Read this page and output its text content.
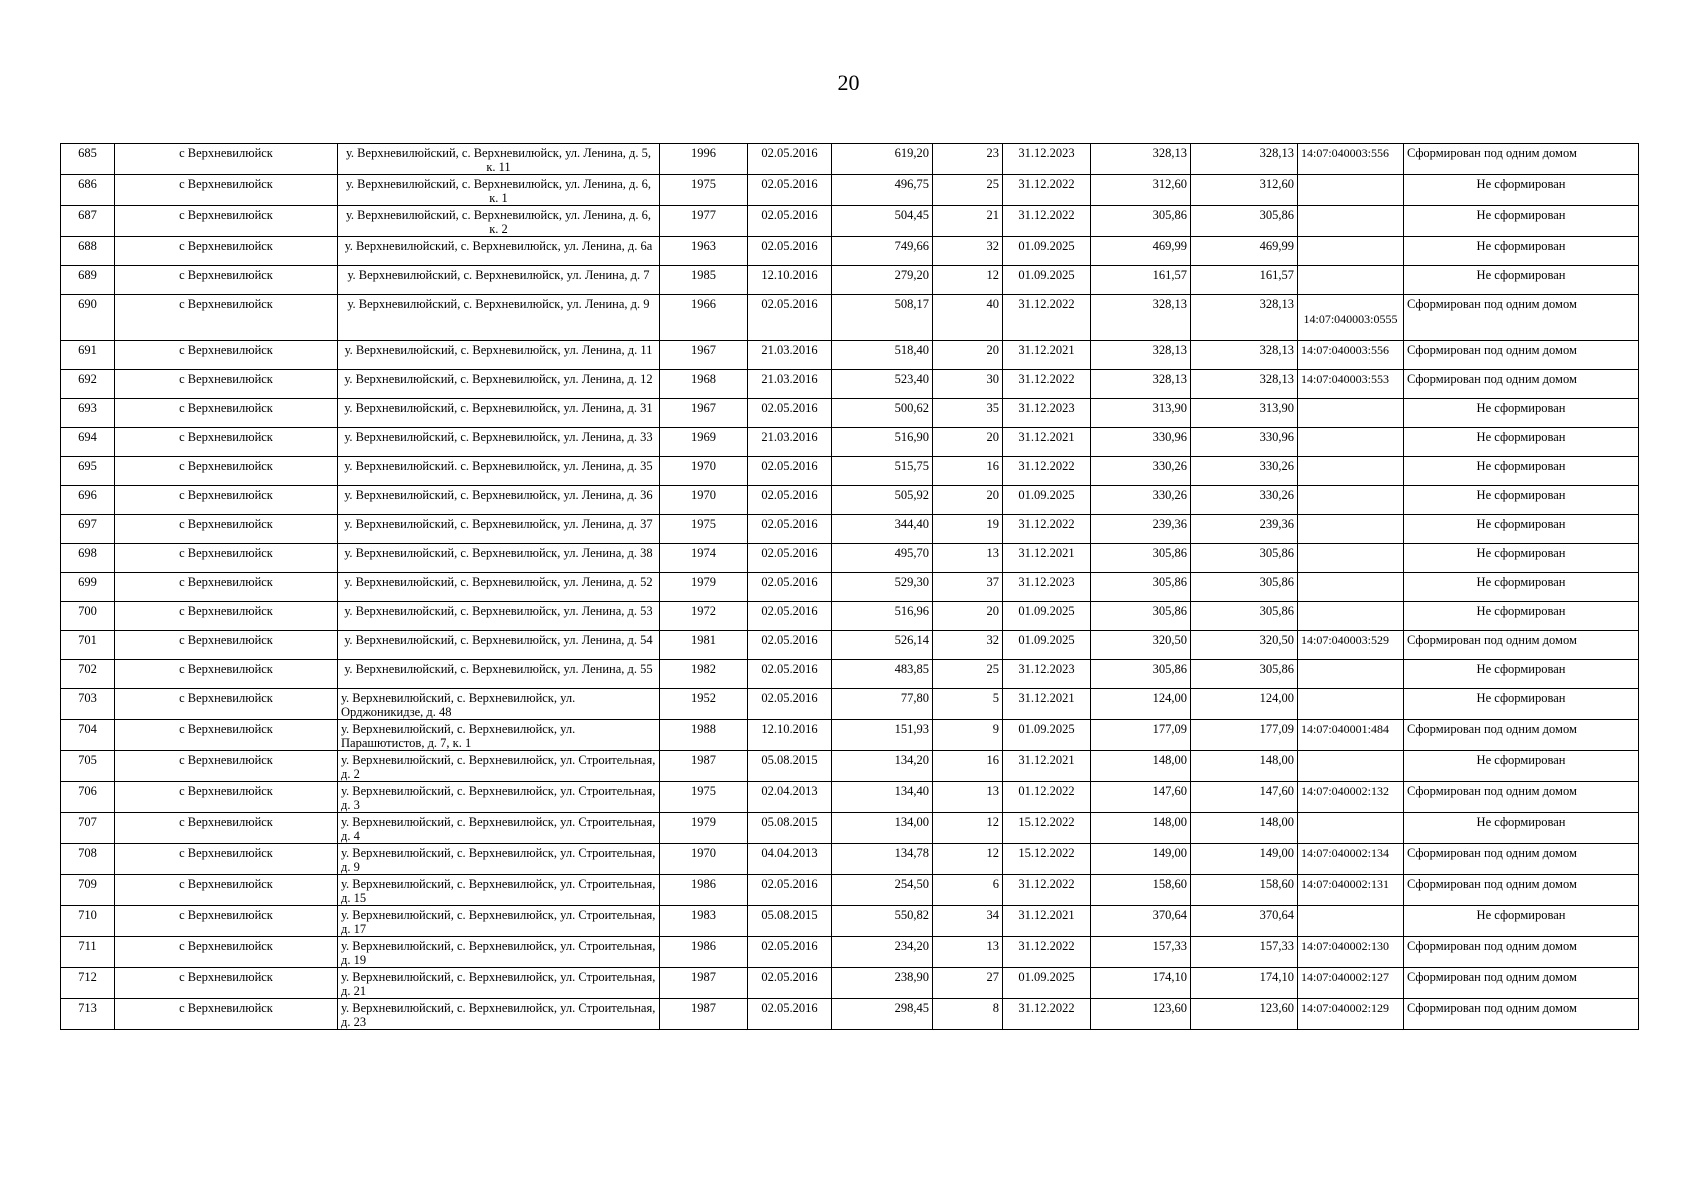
20
685	с Верхневилюйск	у. Верхневилюйский, с. Верхневилюйск, ул. Ленина, д. 5, к. 11	1996	02.05.2016	619,20	23	31.12.2023	328,13	328,13	14:07:040003:556	Сформирован под одним домом
686	с Верхневилюйск	у. Верхневилюйский, с. Верхневилюйск, ул. Ленина, д. 6, к. 1	1975	02.05.2016	496,75	25	31.12.2022	312,60	312,60		Не сформирован
687	с Верхневилюйск	у. Верхневилюйский, с. Верхневилюйск, ул. Ленина, д. 6, к. 2	1977	02.05.2016	504,45	21	31.12.2022	305,86	305,86		Не сформирован
688	с Верхневилюйск	у. Верхневилюйский, с. Верхневилюйск, ул. Ленина, д. 6а	1963	02.05.2016	749,66	32	01.09.2025	469,99	469,99		Не сформирован
689	с Верхневилюйск	у. Верхневилюйский, с. Верхневилюйск, ул. Ленина, д. 7	1985	12.10.2016	279,20	12	01.09.2025	161,57	161,57		Не сформирован
690	с Верхневилюйск	у. Верхневилюйский, с. Верхневилюйск, ул. Ленина, д. 9	1966	02.05.2016	508,17	40	31.12.2022	328,13	328,13	14:07:040003:0555	Сформирован под одним домом
691	с Верхневилюйск	у. Верхневилюйский, с. Верхневилюйск, ул. Ленина, д. 11	1967	21.03.2016	518,40	20	31.12.2021	328,13	328,13	14:07:040003:556	Сформирован под одним домом
692	с Верхневилюйск	у. Верхневилюйский, с. Верхневилюйск, ул. Ленина, д. 12	1968	21.03.2016	523,40	30	31.12.2022	328,13	328,13	14:07:040003:553	Сформирован под одним домом
693	с Верхневилюйск	у. Верхневилюйский, с. Верхневилюйск, ул. Ленина, д. 31	1967	02.05.2016	500,62	35	31.12.2023	313,90	313,90		Не сформирован
694	с Верхневилюйск	у. Верхневилюйский, с. Верхневилюйск, ул. Ленина, д. 33	1969	21.03.2016	516,90	20	31.12.2021	330,96	330,96		Не сформирован
695	с Верхневилюйск	у. Верхневилюйский. с. Верхневилюйск, ул. Ленина, д. 35	1970	02.05.2016	515,75	16	31.12.2022	330,26	330,26		Не сформирован
696	с Верхневилюйск	у. Верхневилюйский, с. Верхневилюйск, ул. Ленина, д. 36	1970	02.05.2016	505,92	20	01.09.2025	330,26	330,26		Не сформирован
697	с Верхневилюйск	у. Верхневилюйский, с. Верхневилюйск, ул. Ленина, д. 37	1975	02.05.2016	344,40	19	31.12.2022	239,36	239,36		Не сформирован
698	с Верхневилюйск	у. Верхневилюйский, с. Верхневилюйск, ул. Ленина, д. 38	1974	02.05.2016	495,70	13	31.12.2021	305,86	305,86		Не сформирован
699	с Верхневилюйск	у. Верхневилюйский, с. Верхневилюйск, ул. Ленина, д. 52	1979	02.05.2016	529,30	37	31.12.2023	305,86	305,86		Не сформирован
700	с Верхневилюйск	у. Верхневилюйский, с. Верхневилюйск, ул. Ленина, д. 53	1972	02.05.2016	516,96	20	01.09.2025	305,86	305,86		Не сформирован
701	с Верхневилюйск	у. Верхневилюйский, с. Верхневилюйск, ул. Ленина, д. 54	1981	02.05.2016	526,14	32	01.09.2025	320,50	320,50	14:07:040003:529	Сформирован под одним домом
702	с Верхневилюйск	у. Верхневилюйский, с. Верхневилюйск, ул. Ленина, д. 55	1982	02.05.2016	483,85	25	31.12.2023	305,86	305,86		Не сформирован
703	с Верхневилюйск	у. Верхневилюйский, с. Верхневилюйск, ул. Орджоникидзе, д. 48	1952	02.05.2016	77,80	5	31.12.2021	124,00	124,00		Не сформирован
704	с Верхневилюйск	у. Верхневилюйский, с. Верхневилюйск, ул. Парашютистов, д. 7, к. 1	1988	12.10.2016	151,93	9	01.09.2025	177,09	177,09	14:07:040001:484	Сформирован под одним домом
705	с Верхневилюйск	у. Верхневилюйский, с. Верхневилюйск, ул. Строительная, д. 2	1987	05.08.2015	134,20	16	31.12.2021	148,00	148,00		Не сформирован
706	с Верхневилюйск	у. Верхневилюйский, с. Верхневилюйск, ул. Строительная, д. 3	1975	02.04.2013	134,40	13	01.12.2022	147,60	147,60	14:07:040002:132	Сформирован под одним домом
707	с Верхневилюйск	у. Верхневилюйский, с. Верхневилюйск, ул. Строительная, д. 4	1979	05.08.2015	134,00	12	15.12.2022	148,00	148,00		Не сформирован
708	с Верхневилюйск	у. Верхневилюйский, с. Верхневилюйск, ул. Строительная, д. 9	1970	04.04.2013	134,78	12	15.12.2022	149,00	149,00	14:07:040002:134	Сформирован под одним домом
709	с Верхневилюйск	у. Верхневилюйский, с. Верхневилюйск, ул. Строительная, д. 15	1986	02.05.2016	254,50	6	31.12.2022	158,60	158,60	14:07:040002:131	Сформирован под одним домом
710	с Верхневилюйск	у. Верхневилюйский, с. Верхневилюйск, ул. Строительная, д. 17	1983	05.08.2015	550,82	34	31.12.2021	370,64	370,64		Не сформирован
711	с Верхневилюйск	у. Верхневилюйский, с. Верхневилюйск, ул. Строительная, д. 19	1986	02.05.2016	234,20	13	31.12.2022	157,33	157,33	14:07:040002:130	Сформирован под одним домом
712	с Верхневилюйск	у. Верхневилюйский, с. Верхневилюйск, ул. Строительная, д. 21	1987	02.05.2016	238,90	27	01.09.2025	174,10	174,10	14:07:040002:127	Сформирован под одним домом
713	с Верхневилюйск	у. Верхневилюйский, с. Верхневилюйск, ул. Строительная, д. 23	1987	02.05.2016	298,45	8	31.12.2022	123,60	123,60	14:07:040002:129	Сформирован под одним домом
